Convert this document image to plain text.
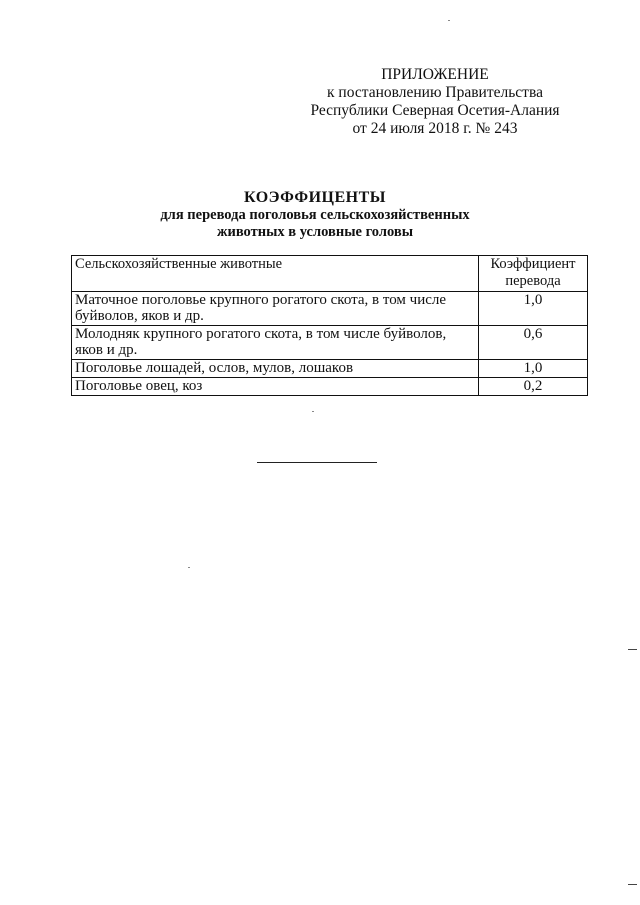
ПРИЛОЖЕНИЕ
к постановлению Правительства
Республики Северная Осетия-Алания
от 24 июля 2018 г. № 243
КОЭФФИЦЕНТЫ
для перевода поголовья сельскохозяйственных
животных в условные головы
Сельскохозяйственные животные	Коэффициент
перевода
Маточное поголовье крупного рогатого скота, в том числе
буйволов, яков и др.	1,0
Молодняк крупного рогатого скота, в том числе буйволов,
яков и др.	0,6
Поголовье лошадей, ослов, мулов, лошаков	1,0
Поголовье овец, коз	0,2
